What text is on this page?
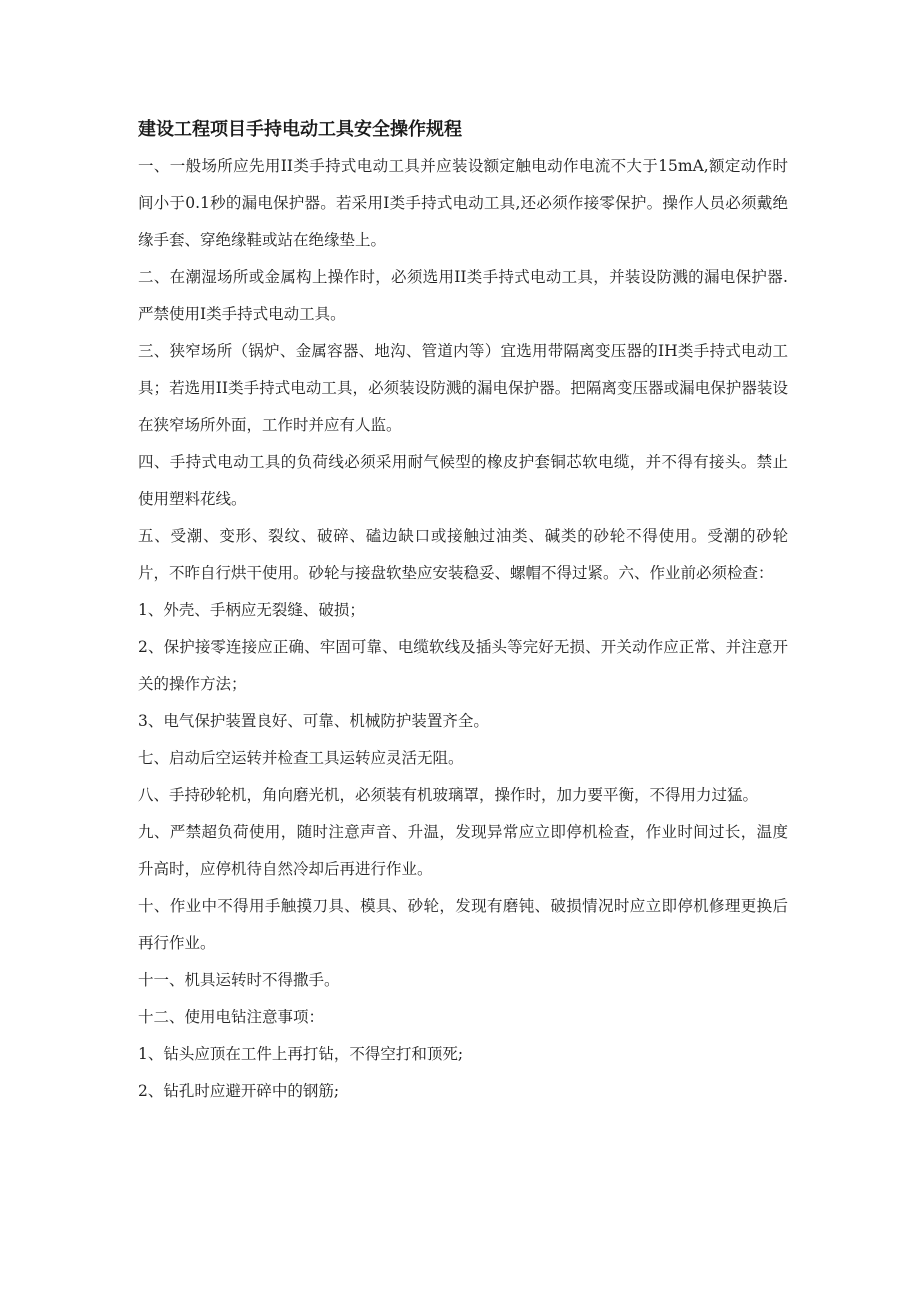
建设工程项目手持电动工具安全操作规程

一、一般场所应先用II类手持式电动工具并应装设额定触电动作电流不大于15mA,额定动作时间小于0.1秒的漏电保护器。若采用I类手持式电动工具,还必须作接零保护。操作人员必须戴绝缘手套、穿绝缘鞋或站在绝缘垫上。

二、在潮湿场所或金属构上操作时，必须选用II类手持式电动工具，并装设防溅的漏电保护器.严禁使用I类手持式电动工具。

三、狭窄场所（锅炉、金属容器、地沟、管道内等）宜选用带隔离变压器的IH类手持式电动工具；若选用II类手持式电动工具，必须装设防溅的漏电保护器。把隔离变压器或漏电保护器装设在狭窄场所外面，工作时并应有人监。

四、手持式电动工具的负荷线必须采用耐气候型的橡皮护套铜芯软电缆，并不得有接头。禁止使用塑料花线。

五、受潮、变形、裂纹、破碎、磕边缺口或接触过油类、碱类的砂轮不得使用。受潮的砂轮片，不昨自行烘干使用。砂轮与接盘软垫应安装稳妥、螺帽不得过紧。六、作业前必须检查：

1、外壳、手柄应无裂缝、破损；

2、保护接零连接应正确、牢固可靠、电缆软线及插头等完好无损、开关动作应正常、并注意开关的操作方法；

3、电气保护装置良好、可靠、机械防护装置齐全。

七、启动后空运转并检查工具运转应灵活无阻。

八、手持砂轮机，角向磨光机，必须装有机玻璃罩，操作时，加力要平衡，不得用力过猛。

九、严禁超负荷使用，随时注意声音、升温，发现异常应立即停机检查，作业时间过长，温度升高时，应停机待自然冷却后再进行作业。

十、作业中不得用手触摸刀具、模具、砂轮，发现有磨钝、破损情况时应立即停机修理更换后再行作业。

十一、机具运转时不得撒手。

十二、使用电钻注意事项：

1、钻头应顶在工件上再打钻，不得空打和顶死;

2、钻孔时应避开碎中的钢筋;
